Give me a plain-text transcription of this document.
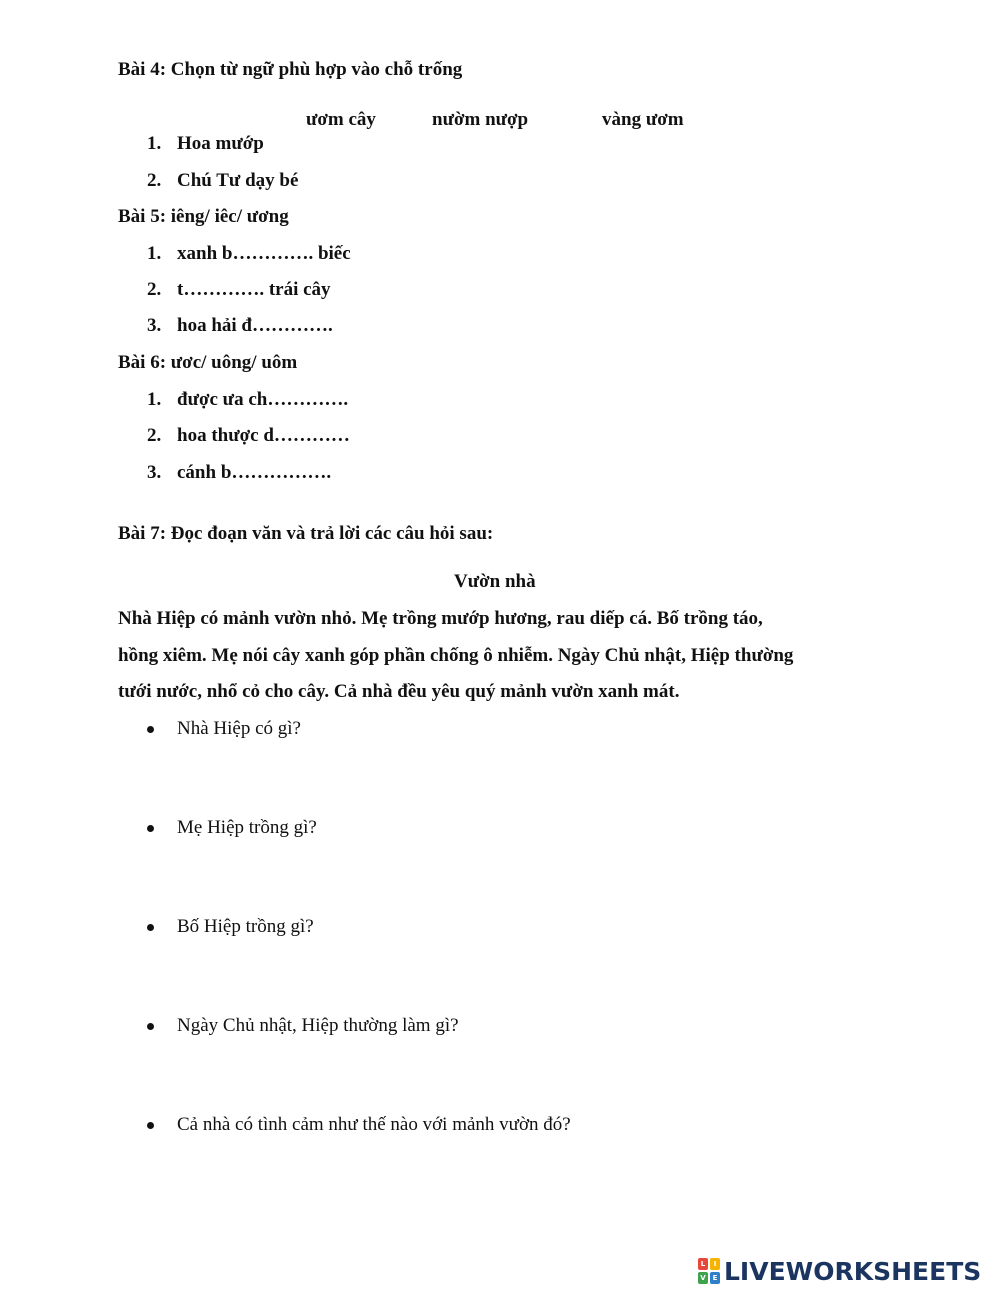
Bài 4: Chọn từ ngữ phù hợp vào chỗ trống
ươm cây	nườm nượp	vàng ươm
1. Hoa mướp
2. Chú Tư dạy bé
Bài 5: iêng/ iêc/ ương
1. xanh b…………. biếc
2. t…………. trái cây
3. hoa hải đ………….
Bài 6: ươc/ uông/ uôm
1. được ưa ch………….
2. hoa thược d…………
3. cánh b…………….
Bài 7: Đọc đoạn văn và trả lời các câu hỏi sau:
Vườn nhà
Nhà Hiệp có mảnh vườn nhỏ. Mẹ trồng mướp hương, rau diếp cá. Bố trồng táo,
hồng xiêm. Mẹ nói cây xanh góp phần chống ô nhiễm. Ngày Chủ nhật, Hiệp thường
tưới nước, nhổ cỏ cho cây. Cả nhà đều yêu quý mảnh vườn xanh mát.
Nhà Hiệp có gì?
Mẹ Hiệp trồng gì?
Bố Hiệp trồng gì?
Ngày Chủ nhật, Hiệp thường làm gì?
Cả nhà có tình cảm như thế nào với mảnh vườn đó?
L	I
V E LIVEWORKSHEETS
